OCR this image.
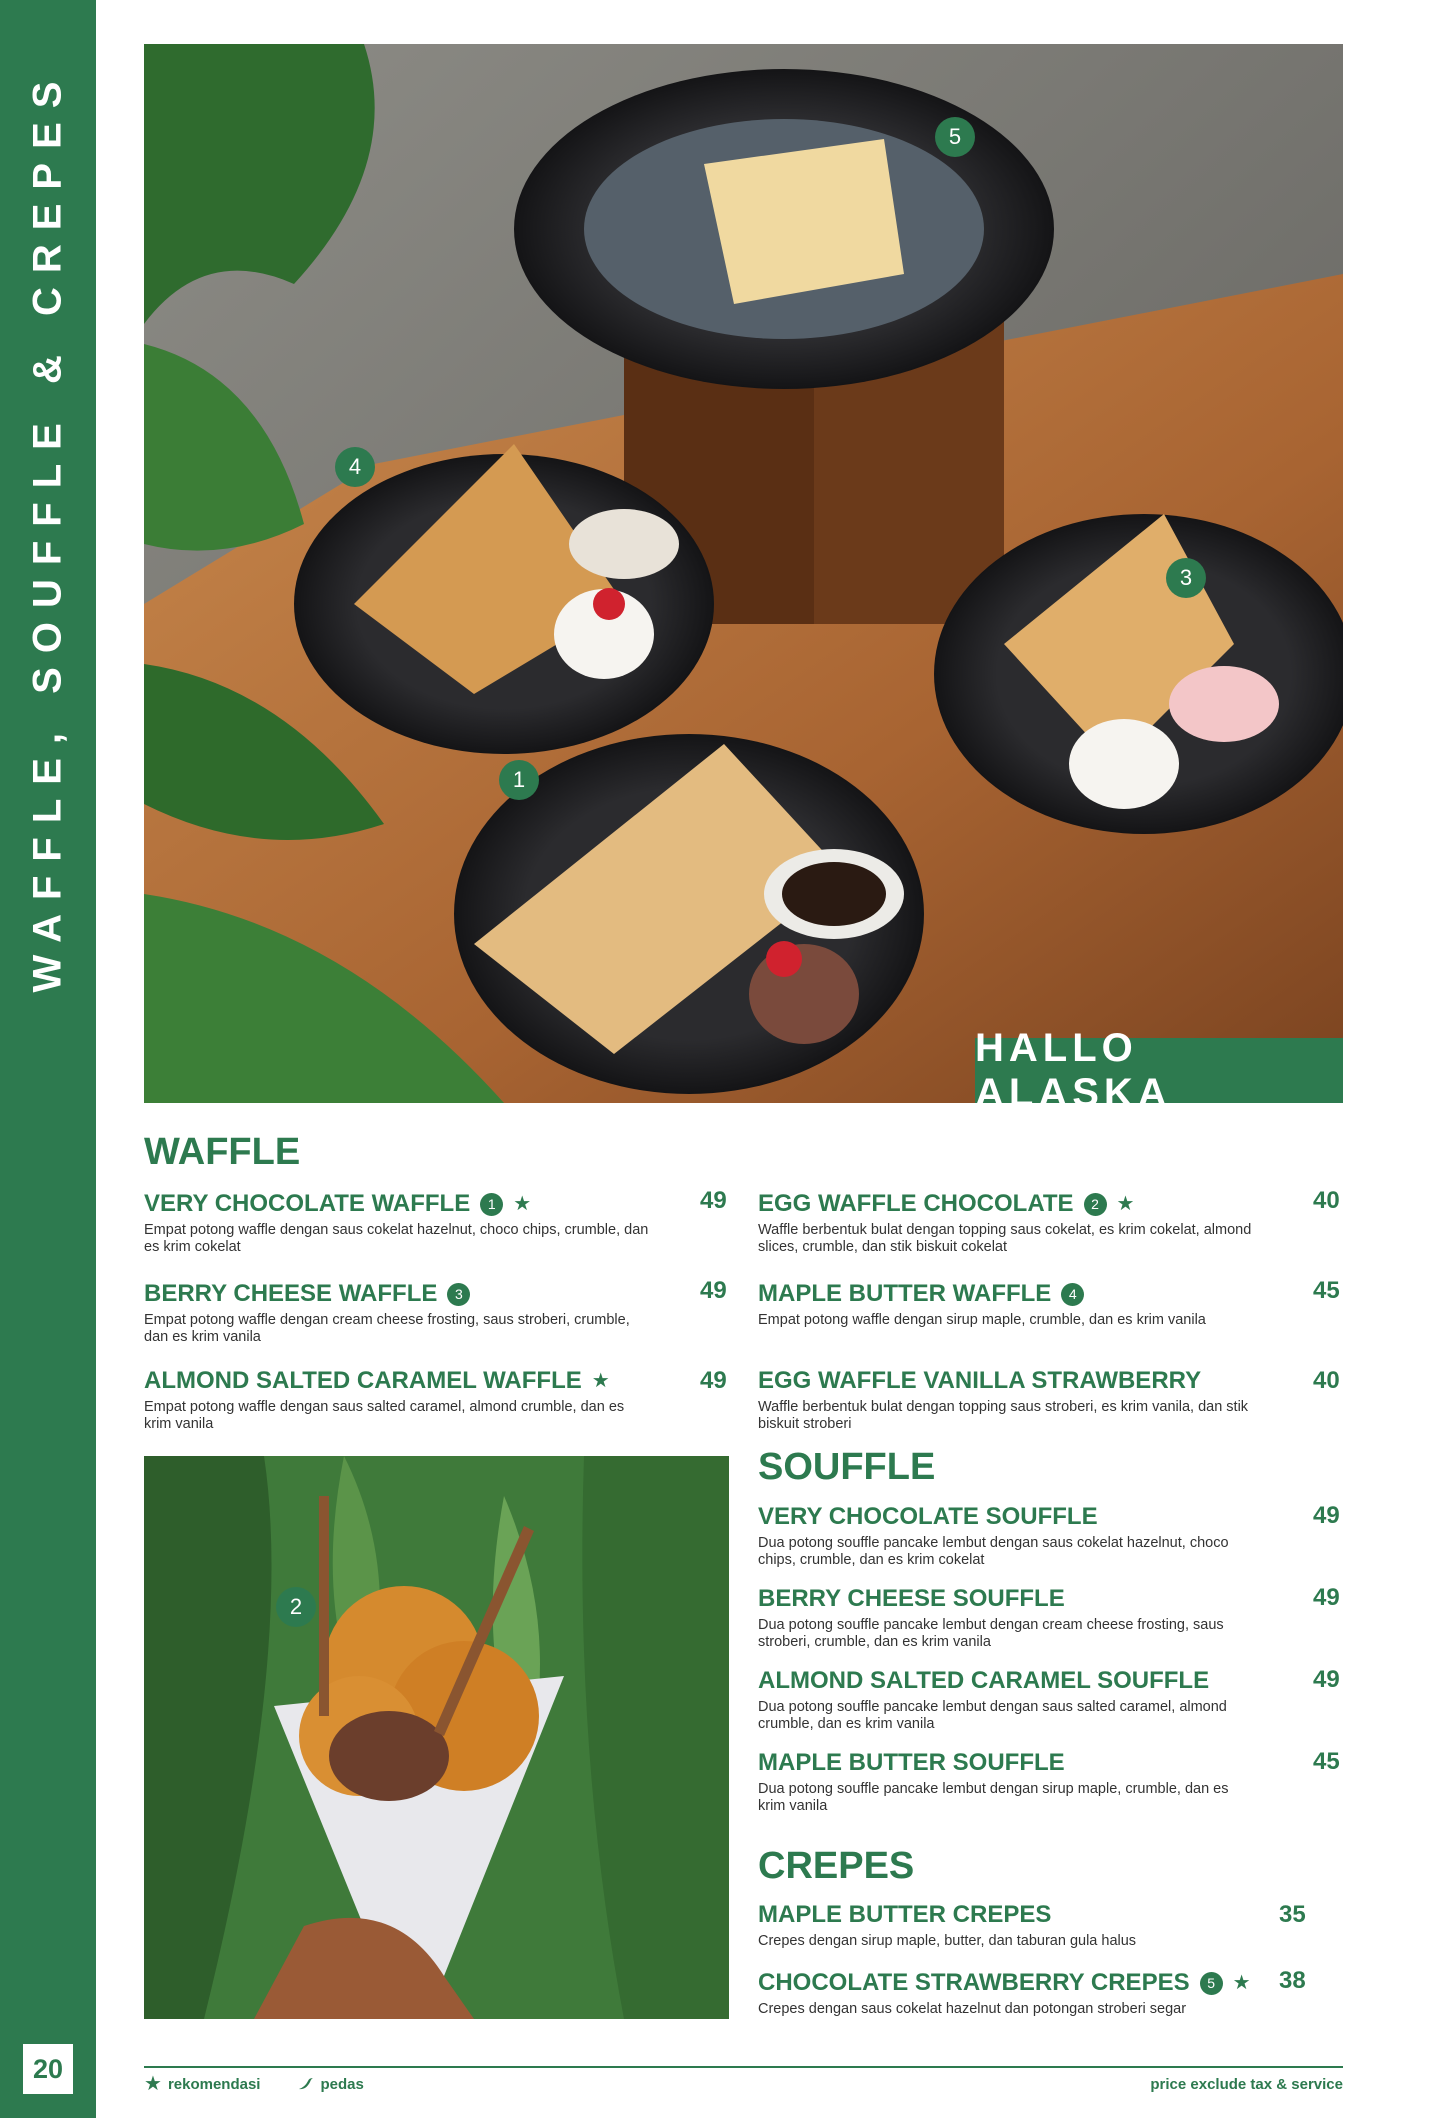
WAFFLE, SOUFFLE & CREPES
20
1
3
4
5
HALLO ALASKA
2
WAFFLE
VERY CHOCOLATE WAFFLE	1 ★
Empat potong waffle dengan saus cokelat hazelnut, choco chips, crumble, dan es krim cokelat
49
BERRY CHEESE WAFFLE	3
Empat potong waffle dengan cream cheese frosting, saus stroberi, crumble, dan es krim vanila
49
ALMOND SALTED CARAMEL WAFFLE ★
Empat potong waffle dengan saus salted caramel, almond crumble, dan es krim vanila
49
EGG WAFFLE CHOCOLATE	2 ★
Waffle berbentuk bulat dengan topping saus cokelat, es krim cokelat, almond slices, crumble, dan stik biskuit cokelat
40
MAPLE BUTTER WAFFLE	4
Empat potong waffle dengan sirup maple, crumble, dan es krim vanila
45
EGG WAFFLE VANILLA STRAWBERRY
Waffle berbentuk bulat dengan topping saus stroberi, es krim vanila, dan stik biskuit stroberi
40
SOUFFLE
VERY CHOCOLATE SOUFFLE
Dua potong souffle pancake lembut dengan saus cokelat hazelnut, choco chips, crumble, dan es krim cokelat
49
BERRY CHEESE SOUFFLE
Dua potong souffle pancake lembut dengan cream cheese frosting, saus stroberi, crumble, dan es krim vanila
49
ALMOND SALTED CARAMEL SOUFFLE
Dua potong souffle pancake lembut dengan saus salted caramel, almond crumble, dan es krim vanila
49
MAPLE BUTTER SOUFFLE
Dua potong souffle pancake lembut dengan sirup maple, crumble, dan es krim vanila
45
CREPES
MAPLE BUTTER CREPES
Crepes dengan sirup maple, butter, dan taburan gula halus
35
CHOCOLATE STRAWBERRY CREPES	5 ★
Crepes dengan saus cokelat hazelnut dan potongan stroberi segar
38
★ rekomendasi	pedas	price exclude tax & service
